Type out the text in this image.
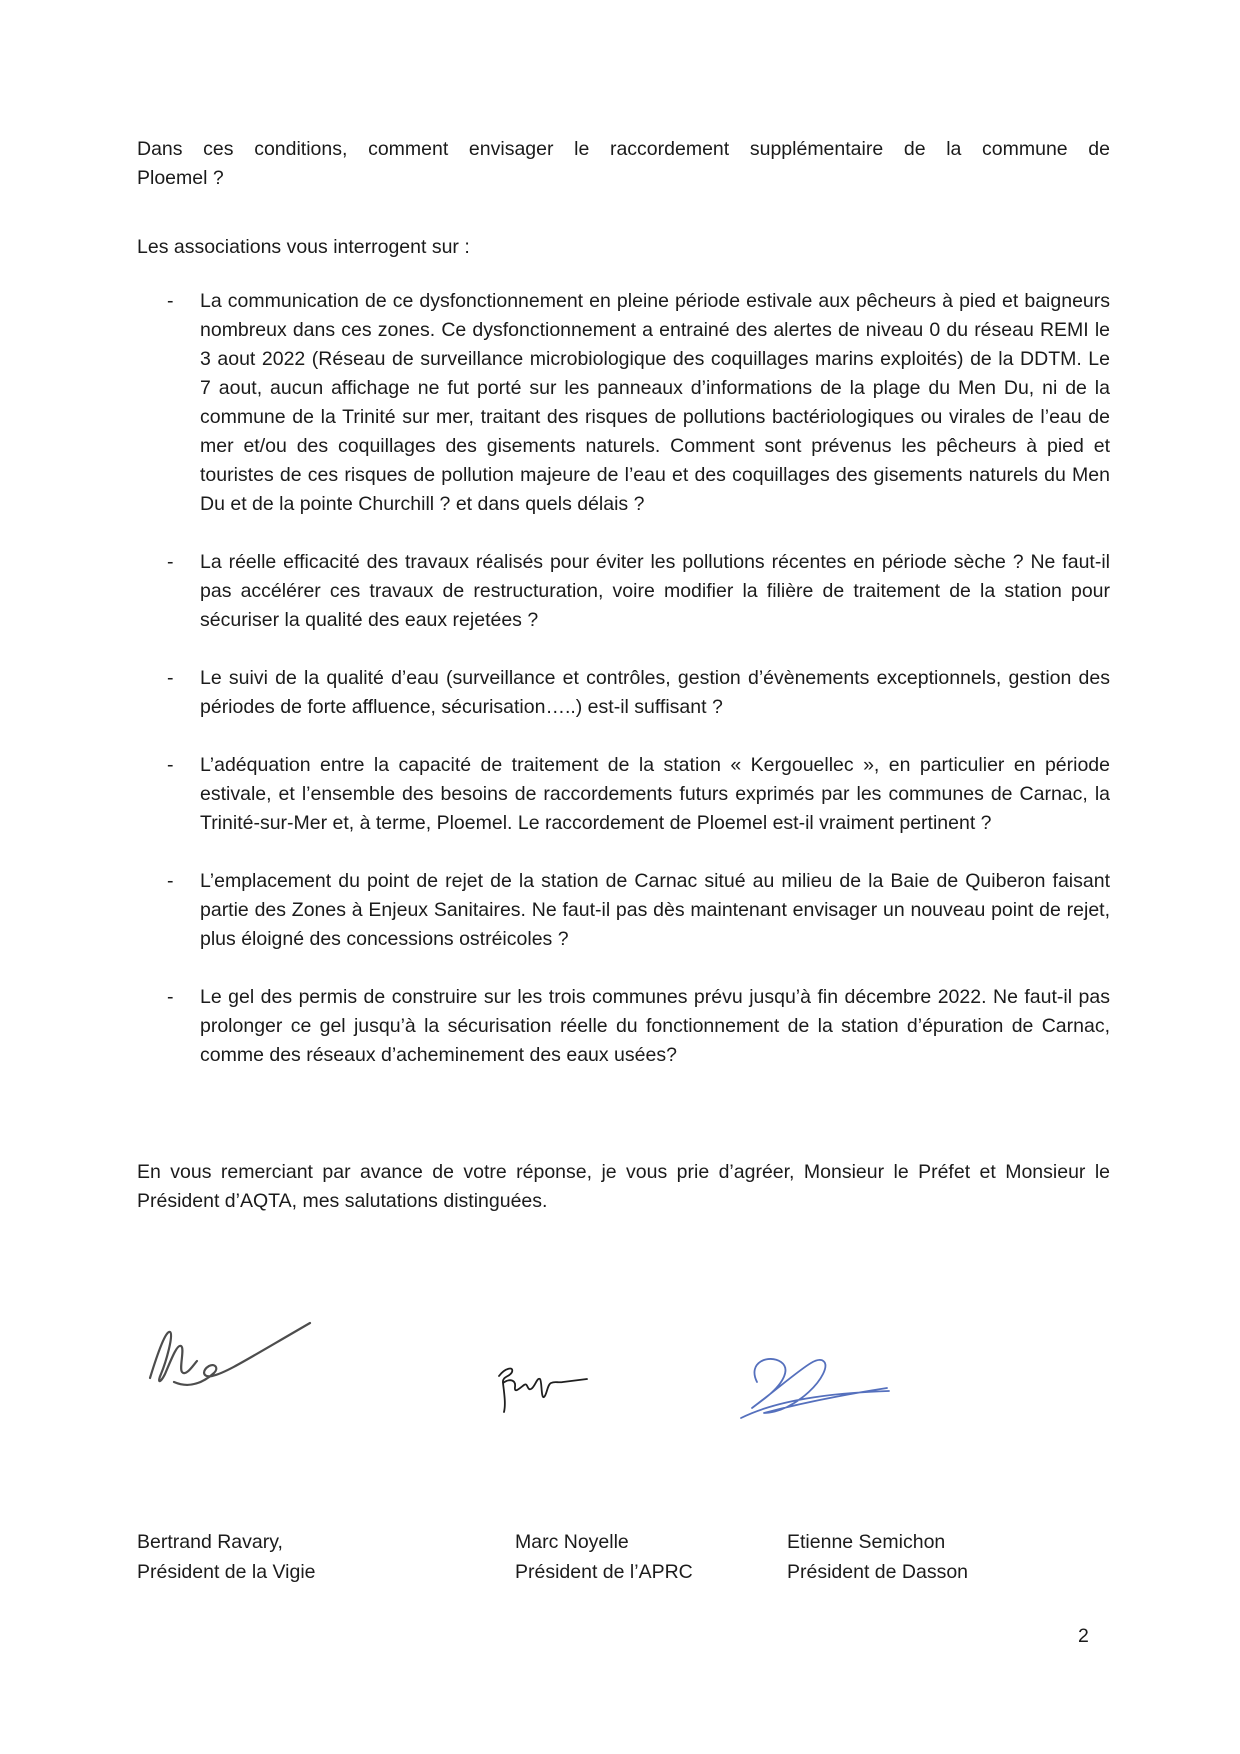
Dans ces conditions, comment envisager le raccordement supplémentaire de la commune de
Ploemel ?

Les associations vous interrogent sur :

-	La communication de ce dysfonctionnement en pleine période estivale aux pêcheurs à pied et baigneurs nombreux dans ces zones. Ce dysfonctionnement a entrainé des alertes de niveau 0 du réseau REMI le 3 aout 2022 (Réseau de surveillance microbiologique des coquillages marins exploités) de la DDTM. Le 7 aout, aucun affichage ne fut porté sur les panneaux d’informations de la plage du Men Du, ni de la commune de la Trinité sur mer, traitant des risques de pollutions bactériologiques ou virales de l’eau de mer et/ou des coquillages des gisements naturels. Comment sont prévenus les pêcheurs à pied et touristes de ces risques de pollution majeure de l’eau et des coquillages des gisements naturels du Men Du et de la pointe Churchill ? et dans quels délais ?

-	La réelle efficacité des travaux réalisés pour éviter les pollutions récentes en période sèche ? Ne faut-il pas accélérer ces travaux de restructuration, voire modifier la filière de traitement de la station pour sécuriser la qualité des eaux rejetées ?

-	Le suivi de la qualité d’eau (surveillance et contrôles, gestion d’évènements exceptionnels, gestion des périodes de forte affluence, sécurisation…..) est-il suffisant ?

-	L’adéquation entre la capacité de traitement de la station « Kergouellec », en particulier en période estivale, et l’ensemble des besoins de raccordements futurs exprimés par les communes de Carnac, la Trinité-sur-Mer et, à terme, Ploemel. Le raccordement de Ploemel est-il vraiment pertinent ?

-	L’emplacement du point de rejet de la station de Carnac situé au milieu de la Baie de Quiberon faisant partie des Zones à Enjeux Sanitaires. Ne faut-il pas dès maintenant envisager un nouveau point de rejet, plus éloigné des concessions ostréicoles ?

-	Le gel des permis de construire sur les trois communes prévu jusqu’à fin décembre 2022. Ne faut-il pas prolonger ce gel jusqu’à la sécurisation réelle du fonctionnement de la station d’épuration de Carnac, comme des réseaux d’acheminement des eaux usées?

En vous remerciant par avance de votre réponse, je vous prie d’agréer, Monsieur le Préfet et Monsieur le Président d’AQTA, mes salutations distinguées.

Bertrand Ravary,
Président de la Vigie
Marc Noyelle
Président de l’APRC
Etienne Semichon
Président de Dasson
2
